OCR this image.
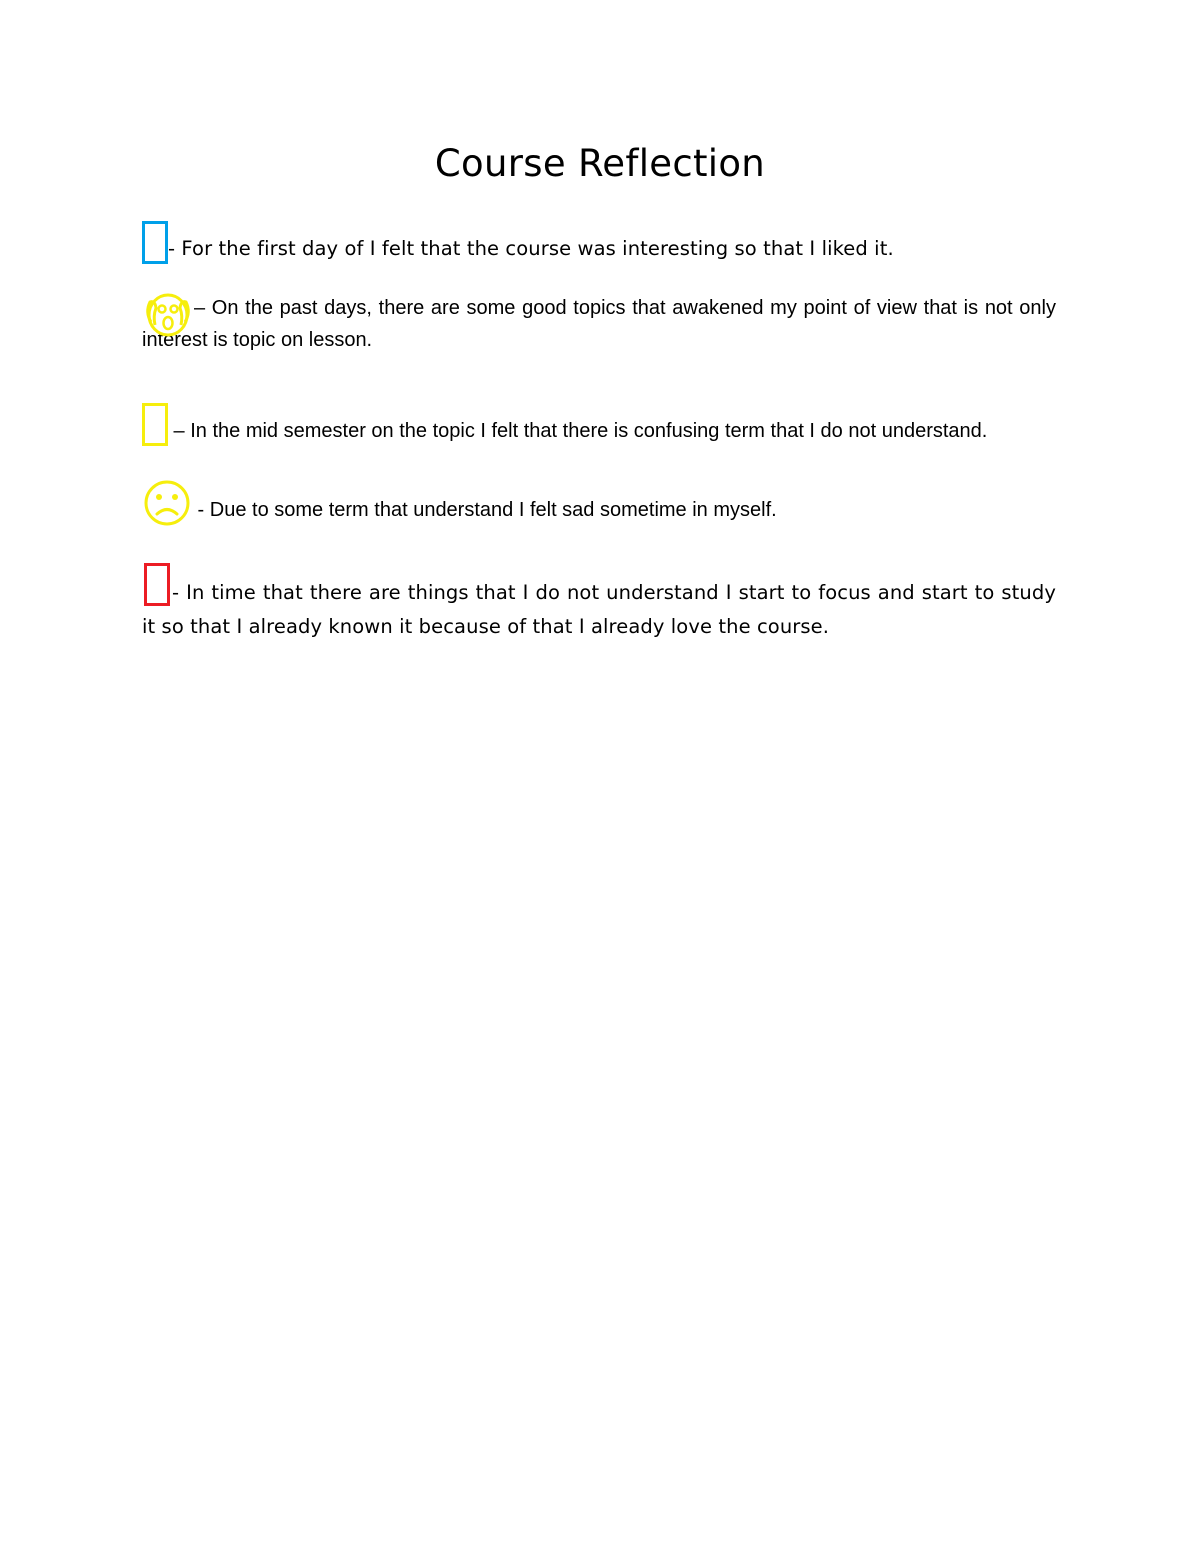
Course Reflection
- For the first day of I felt that the course was interesting so that I liked it.
– On the past days, there are some good topics that awakened my point of view that is not only interest is topic on lesson.
– In the mid semester on the topic I felt that there is confusing term that I do not understand.
- Due to some term that understand I felt sad sometime in myself.
- In time that there are things that I do not understand I start to focus and start to study it so that I already known it because of that I already love the course.
